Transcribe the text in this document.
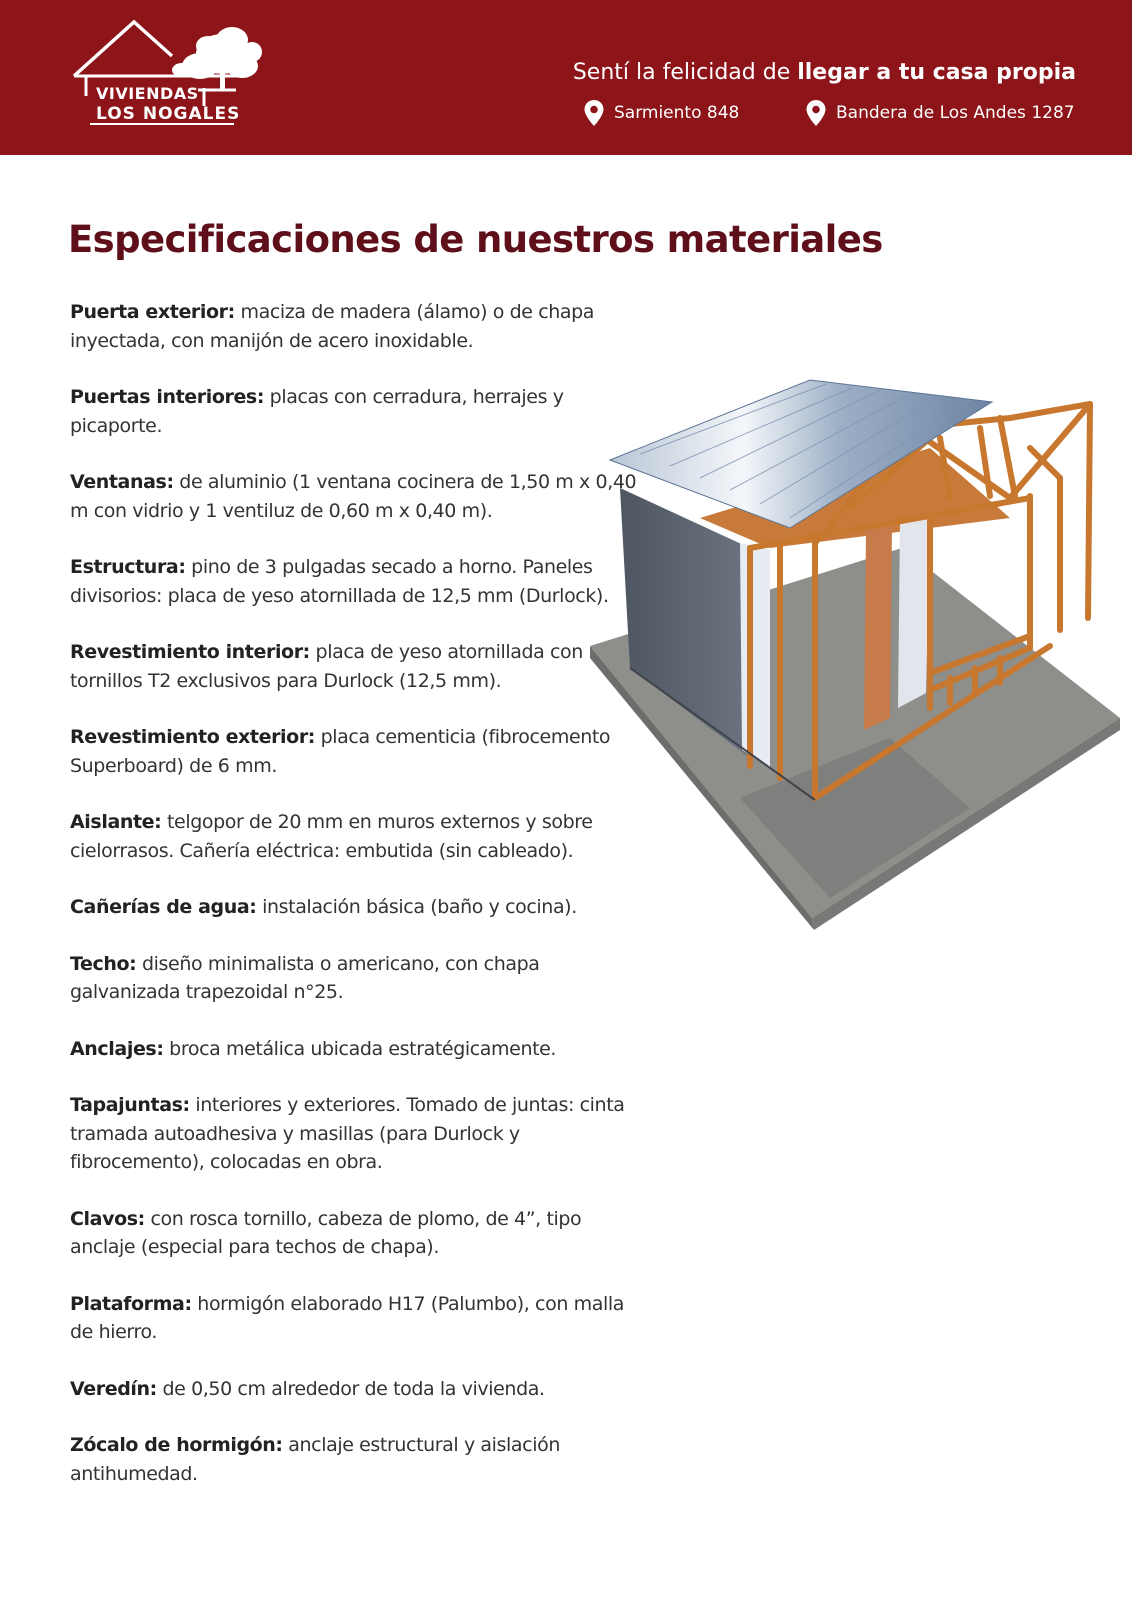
VIVIENDAS
LOS NOGALES
Sentí la felicidad de llegar a tu casa propia
Sarmiento 848	Bandera de Los Andes 1287
Especificaciones de nuestros materiales

Puerta exterior: maciza de madera (álamo) o de chapa inyectada, con manijón de acero inoxidable.

Puertas interiores: placas con cerradura, herrajes y picaporte.

Ventanas: de aluminio (1 ventana cocinera de 1,50 m x 0,40 m con vidrio y 1 ventiluz de 0,60 m x 0,40 m).

Estructura: pino de 3 pulgadas secado a horno. Paneles divisorios: placa de yeso atornillada de 12,5 mm (Durlock).

Revestimiento interior: placa de yeso atornillada con tornillos T2 exclusivos para Durlock (12,5 mm).

Revestimiento exterior: placa cementicia (fibrocemento Superboard) de 6 mm.

Aislante: telgopor de 20 mm en muros externos y sobre cielorrasos. Cañería eléctrica: embutida (sin cableado).

Cañerías de agua: instalación básica (baño y cocina).

Techo: diseño minimalista o americano, con chapa galvanizada trapezoidal n°25.

Anclajes: broca metálica ubicada estratégicamente.

Tapajuntas: interiores y exteriores. Tomado de juntas: cinta tramada autoadhesiva y masillas (para Durlock y fibrocemento), colocadas en obra.

Clavos: con rosca tornillo, cabeza de plomo, de 4”, tipo anclaje (especial para techos de chapa).

Plataforma: hormigón elaborado H17 (Palumbo), con malla de hierro.

Veredín: de 0,50 cm alrededor de toda la vivienda.

Zócalo de hormigón: anclaje estructural y aislación antihumedad.
